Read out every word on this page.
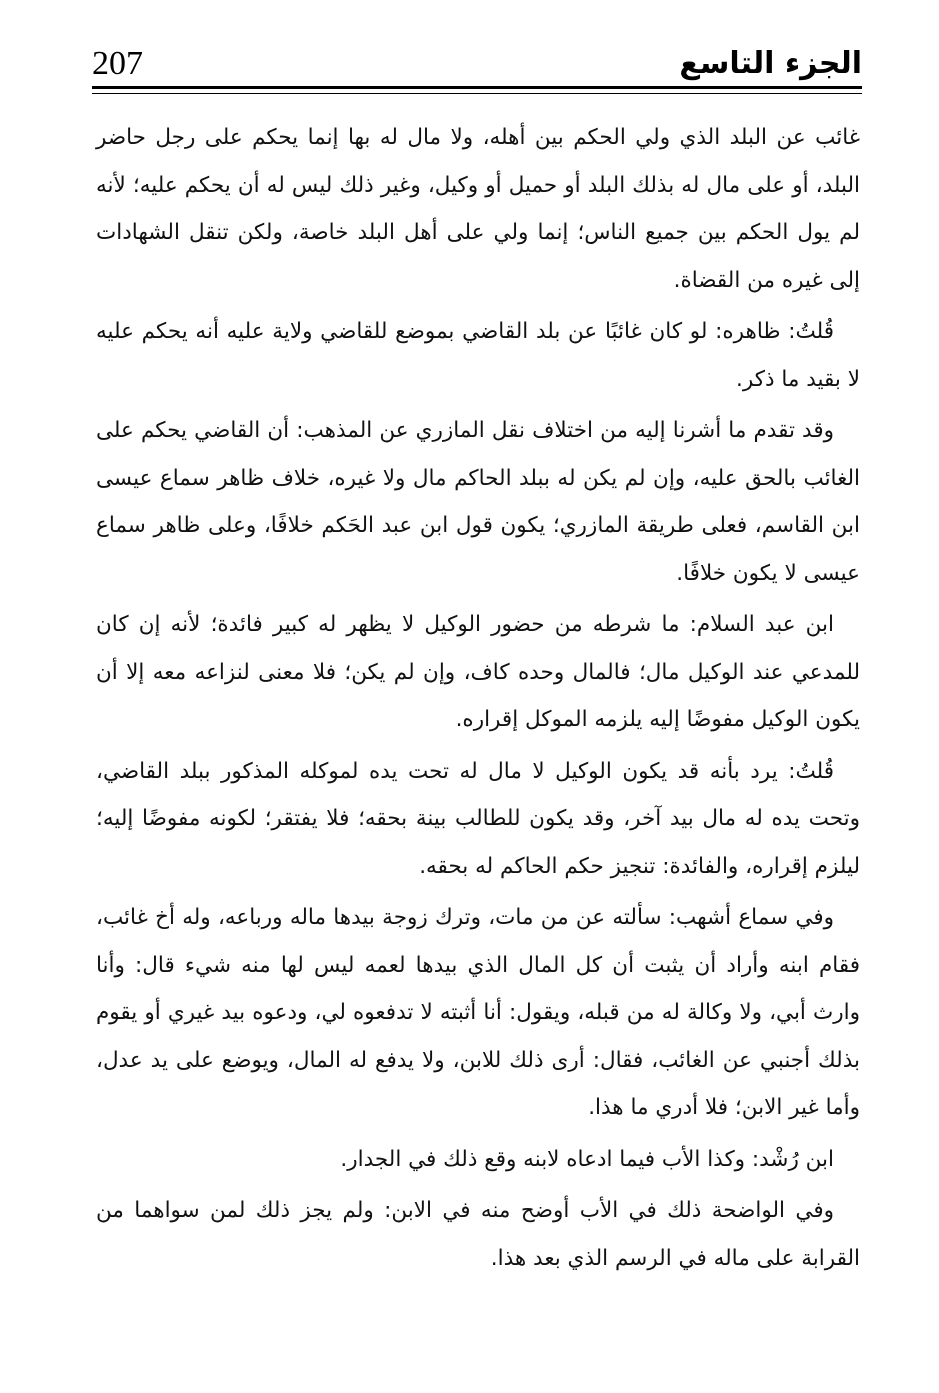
الجزء التاسع
207

غائب عن البلد الذي ولي الحكم بين أهله، ولا مال له بها إنما يحكم على رجل حاضر البلد، أو على مال له بذلك البلد أو حميل أو وكيل، وغير ذلك ليس له أن يحكم عليه؛ لأنه لم يول الحكم بين جميع الناس؛ إنما ولي على أهل البلد خاصة، ولكن تنقل الشهادات إلى غيره من القضاة.

قُلتُ: ظاهره: لو كان غائبًا عن بلد القاضي بموضع للقاضي ولاية عليه أنه يحكم عليه لا بقيد ما ذكر.

وقد تقدم ما أشرنا إليه من اختلاف نقل المازري عن المذهب: أن القاضي يحكم على الغائب بالحق عليه، وإن لم يكن له ببلد الحاكم مال ولا غيره، خلاف ظاهر سماع عيسى ابن القاسم، فعلى طريقة المازري؛ يكون قول ابن عبد الحَكم خلافًا، وعلى ظاهر سماع عيسى لا يكون خلافًا.

ابن عبد السلام: ما شرطه من حضور الوكيل لا يظهر له كبير فائدة؛ لأنه إن كان للمدعي عند الوكيل مال؛ فالمال وحده كاف، وإن لم يكن؛ فلا معنى لنزاعه معه إلا أن يكون الوكيل مفوضًا إليه يلزمه الموكل إقراره.

قُلتُ: يرد بأنه قد يكون الوكيل لا مال له تحت يده لموكله المذكور ببلد القاضي، وتحت يده له مال بيد آخر، وقد يكون للطالب بينة بحقه؛ فلا يفتقر؛ لكونه مفوضًا إليه؛ ليلزم إقراره، والفائدة: تنجيز حكم الحاكم له بحقه.

وفي سماع أشهب: سألته عن من مات، وترك زوجة بيدها ماله ورباعه، وله أخ غائب، فقام ابنه وأراد أن يثبت أن كل المال الذي بيدها لعمه ليس لها منه شيء قال: وأنا وارث أبي، ولا وكالة له من قبله، ويقول: أنا أثبته لا تدفعوه لي، ودعوه بيد غيري أو يقوم بذلك أجنبي عن الغائب، فقال: أرى ذلك للابن، ولا يدفع له المال، ويوضع على يد عدل، وأما غير الابن؛ فلا أدري ما هذا.

ابن رُشْد: وكذا الأب فيما ادعاه لابنه وقع ذلك في الجدار.

وفي الواضحة ذلك في الأب أوضح منه في الابن: ولم يجز ذلك لمن سواهما من القرابة على ماله في الرسم الذي بعد هذا.
